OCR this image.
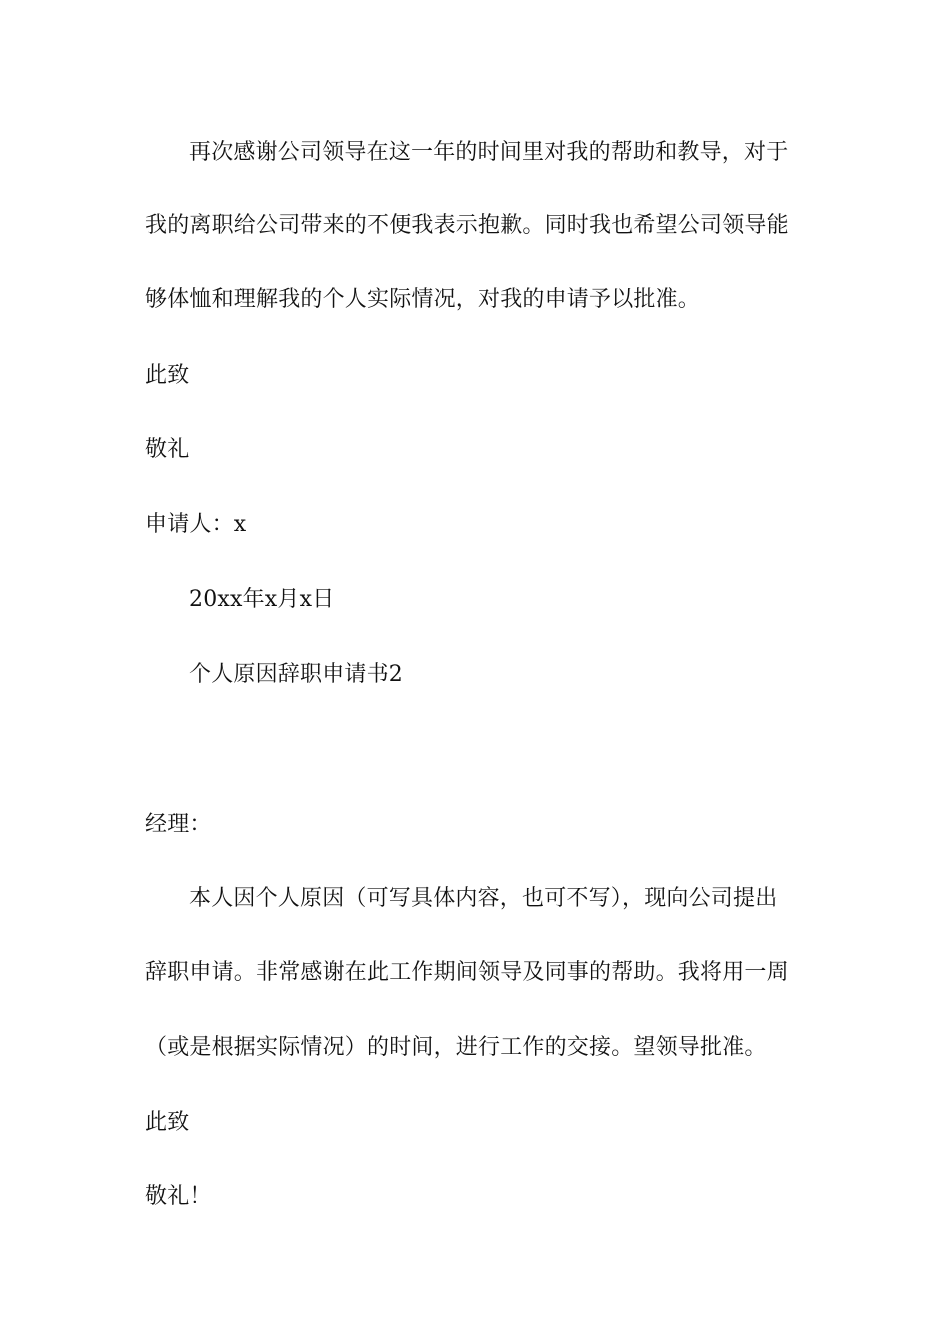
再次感谢公司领导在这一年的时间里对我的帮助和教导，对于
我的离职给公司带来的不便我表示抱歉。同时我也希望公司领导能
够体恤和理解我的个人实际情况，对我的申请予以批准。
此致
敬礼
申请人：x
20xx年x月x日
个人原因辞职申请书2
经理：
本人因个人原因（可写具体内容，也可不写），现向公司提出
辞职申请。非常感谢在此工作期间领导及同事的帮助。我将用一周
（或是根据实际情况）的时间，进行工作的交接。望领导批准。
此致
敬礼！
